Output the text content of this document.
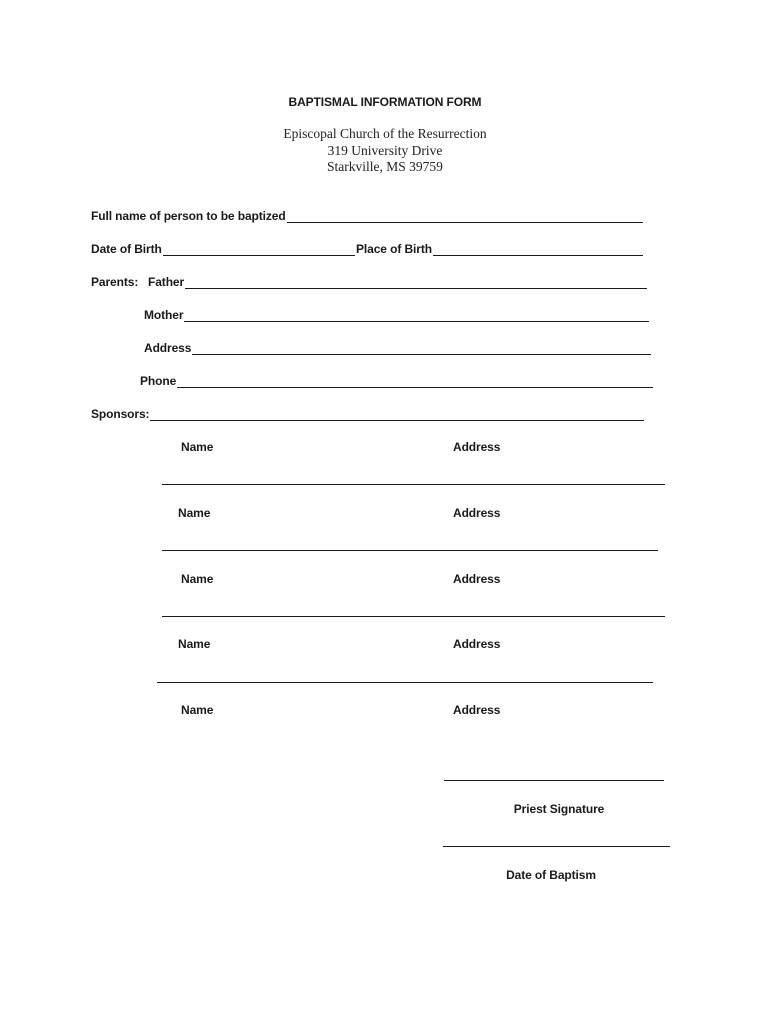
BAPTISMAL INFORMATION FORM
Episcopal Church of the Resurrection
319 University Drive
Starkville, MS 39759
Full name of person to be baptized
Date of Birth	Place of Birth
Parents: Father
Mother
Address
Phone
Sponsors:
Name	Address
Name	Address
Name	Address
Name	Address
Name	Address
Priest Signature
Date of Baptism
